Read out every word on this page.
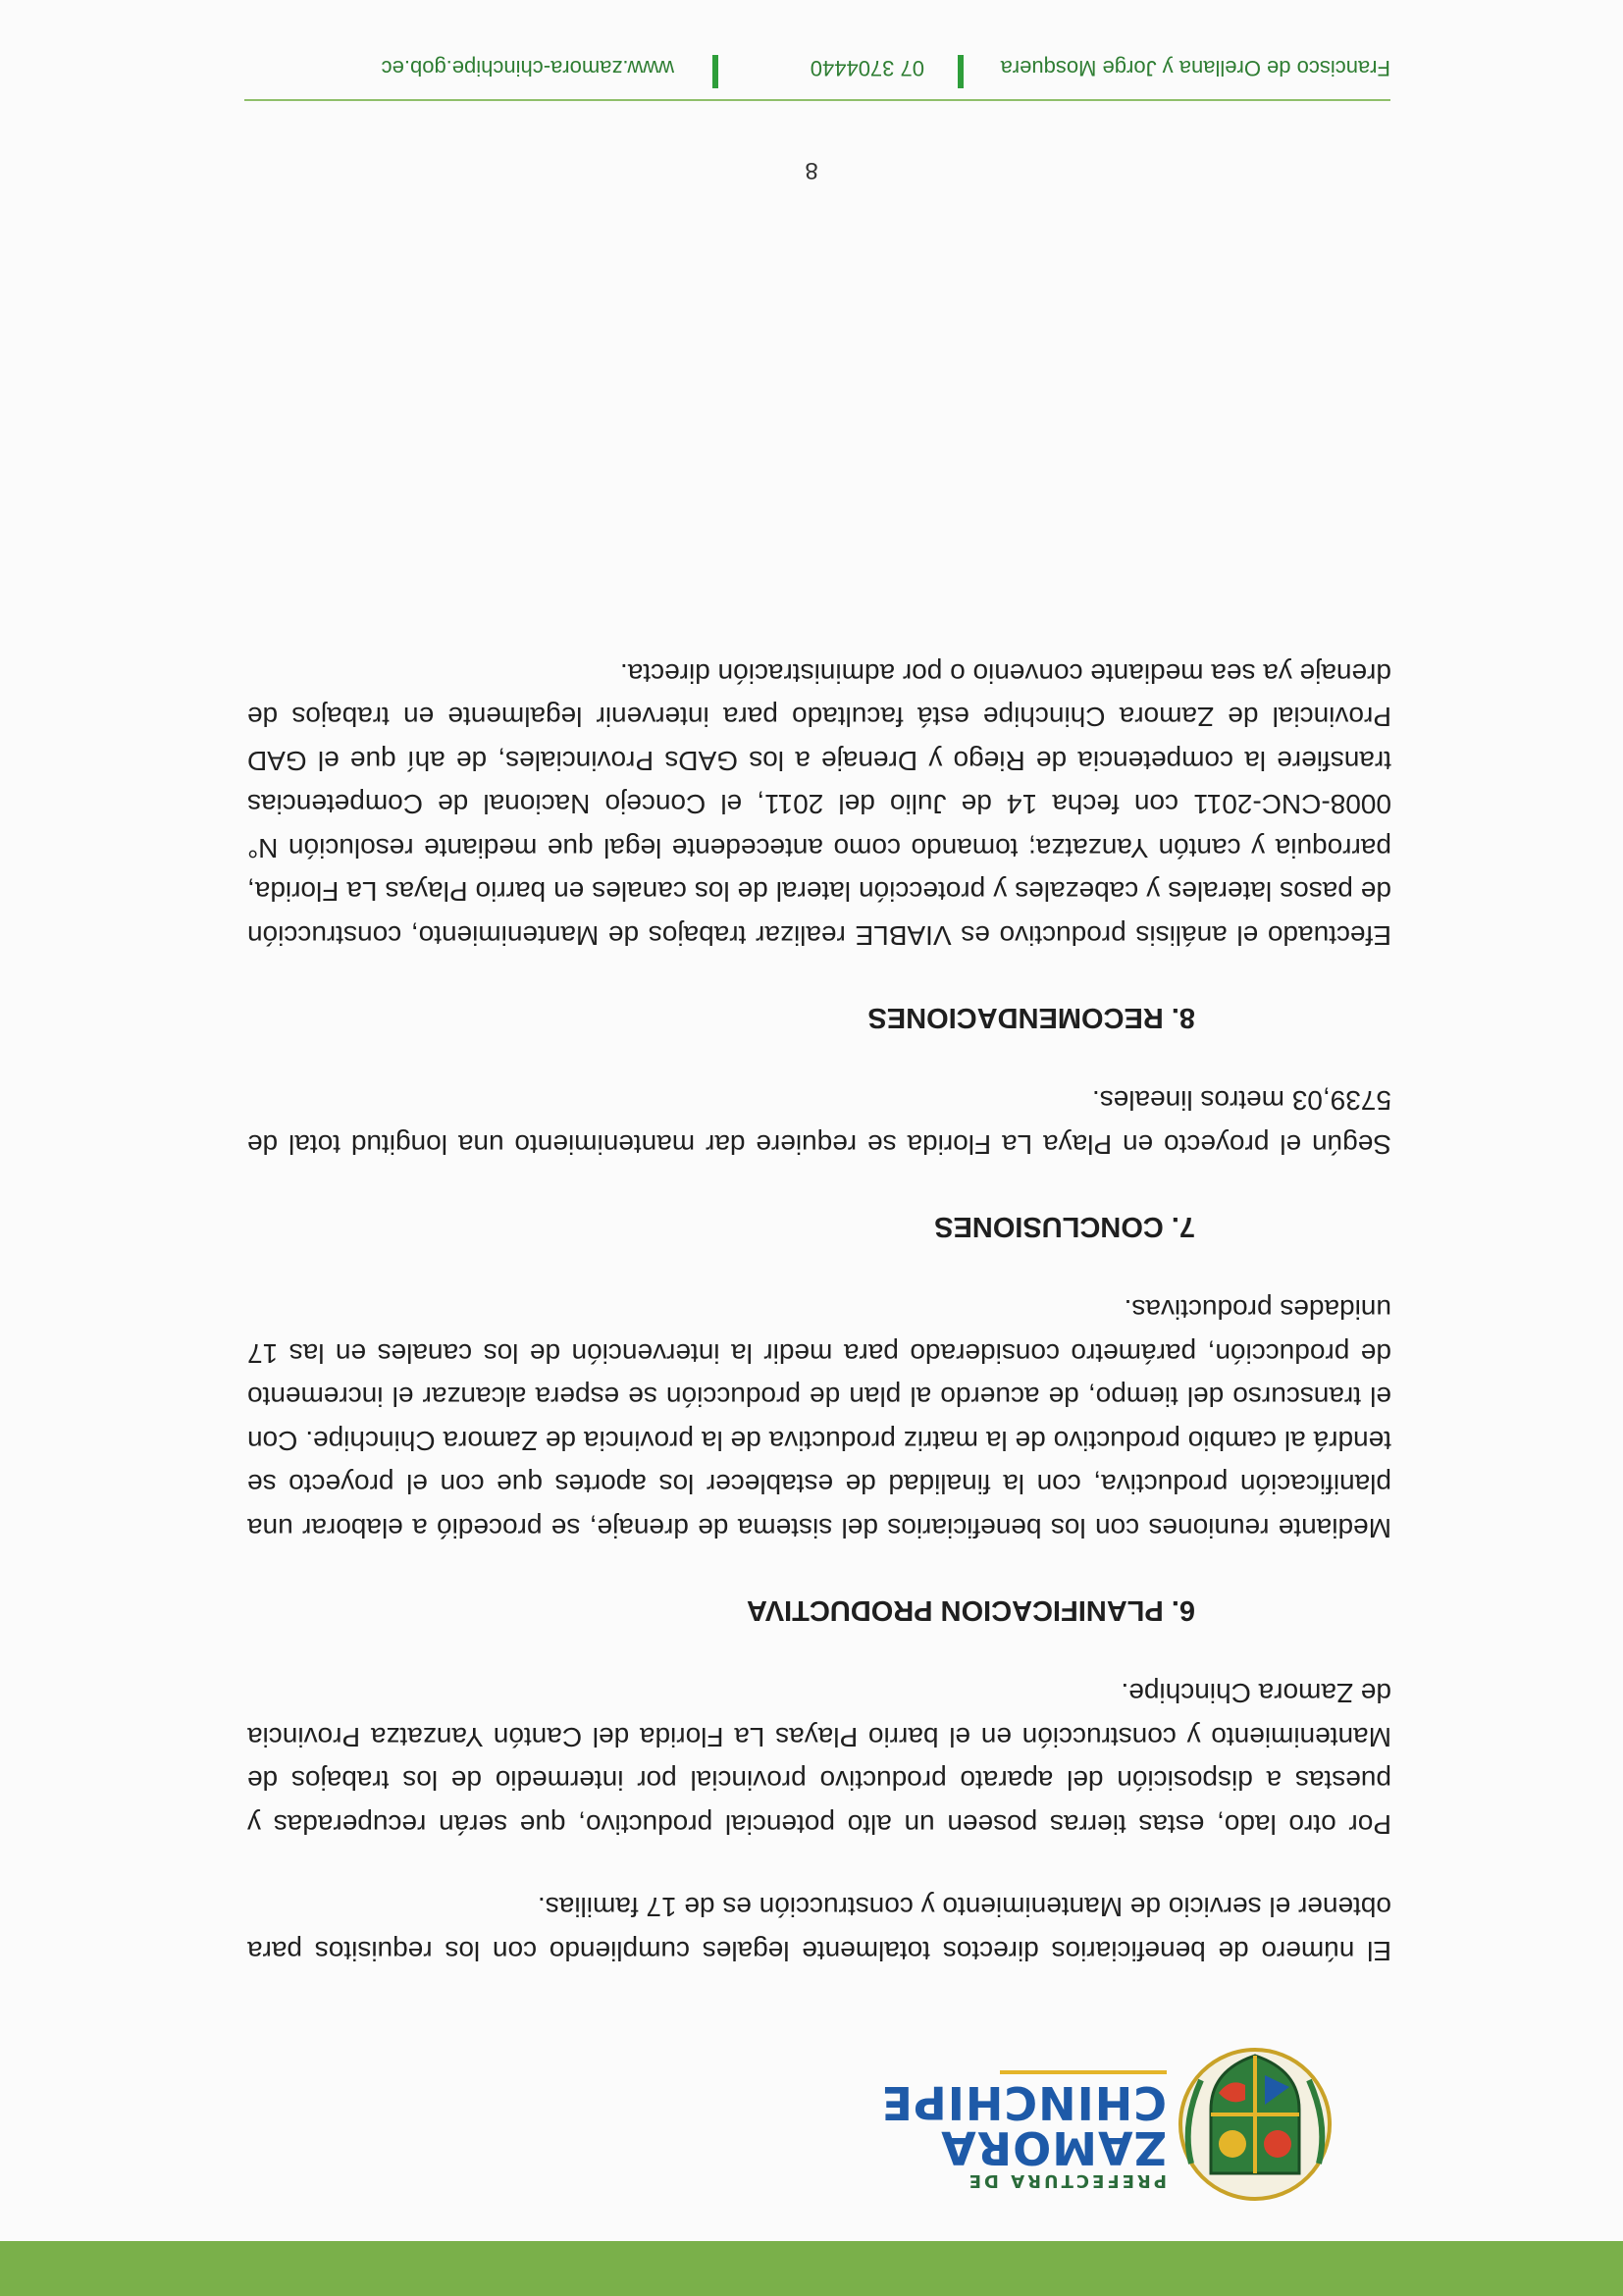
PREFECTURA DE
ZAMORA
CHINCHIPE

El número de beneficiarios directos totalmente legales cumpliendo con los requisitos para obtener el servicio de Mantenimiento y construcción es de 17 familias.

Por otro lado, estas tierras poseen un alto potencial productivo, que serán recuperadas y puestas a disposición del aparato productivo provincial por intermedio de los trabajos de Mantenimiento y construcción en el barrio Playas La Florida del Cantón Yanzatza Provincia de Zamora Chinchipe.

6. PLANIFICACION PRODUCTIVA

Mediante reuniones con los beneficiarios del sistema de drenaje, se procedió a elaborar una planificación productiva, con la finalidad de establecer los aportes que con el proyecto se tendrá al cambio productivo de la matriz productiva de la provincia de Zamora Chinchipe. Con el transcurso del tiempo, de acuerdo al plan de producción se espera alcanzar el incremento de producción, parámetro considerado para medir la intervención de los canales en las 17 unidades productivas.

7. CONCLUSIONES

Según el proyecto en Playa La Florida se requiere dar mantenimiento una longitud total de 5739,03 metros lineales.

8. RECOMENDACIONES

Efectuado el análisis productivo es VIABLE realizar trabajos de Mantenimiento, construcción de pasos laterales y cabezales y protección lateral de los canales en barrio Playas La Florida, parroquia y cantón Yanzatza; tomando como antecedente legal que mediante resolución N° 0008-CNC-2011 con fecha 14 de Julio del 2011, el Concejo Nacional de Competencias transfiere la competencia de Riego y Drenaje a los GADs Provinciales, de ahí que el GAD Provincial de Zamora Chinchipe está facultado para intervenir legalmente en trabajos de drenaje ya sea mediante convenio o por administración directa.

8
Francisco de Orellana y Jorge Mosquera
07 3704440
www.zamora-chinchipe.gob.ec
